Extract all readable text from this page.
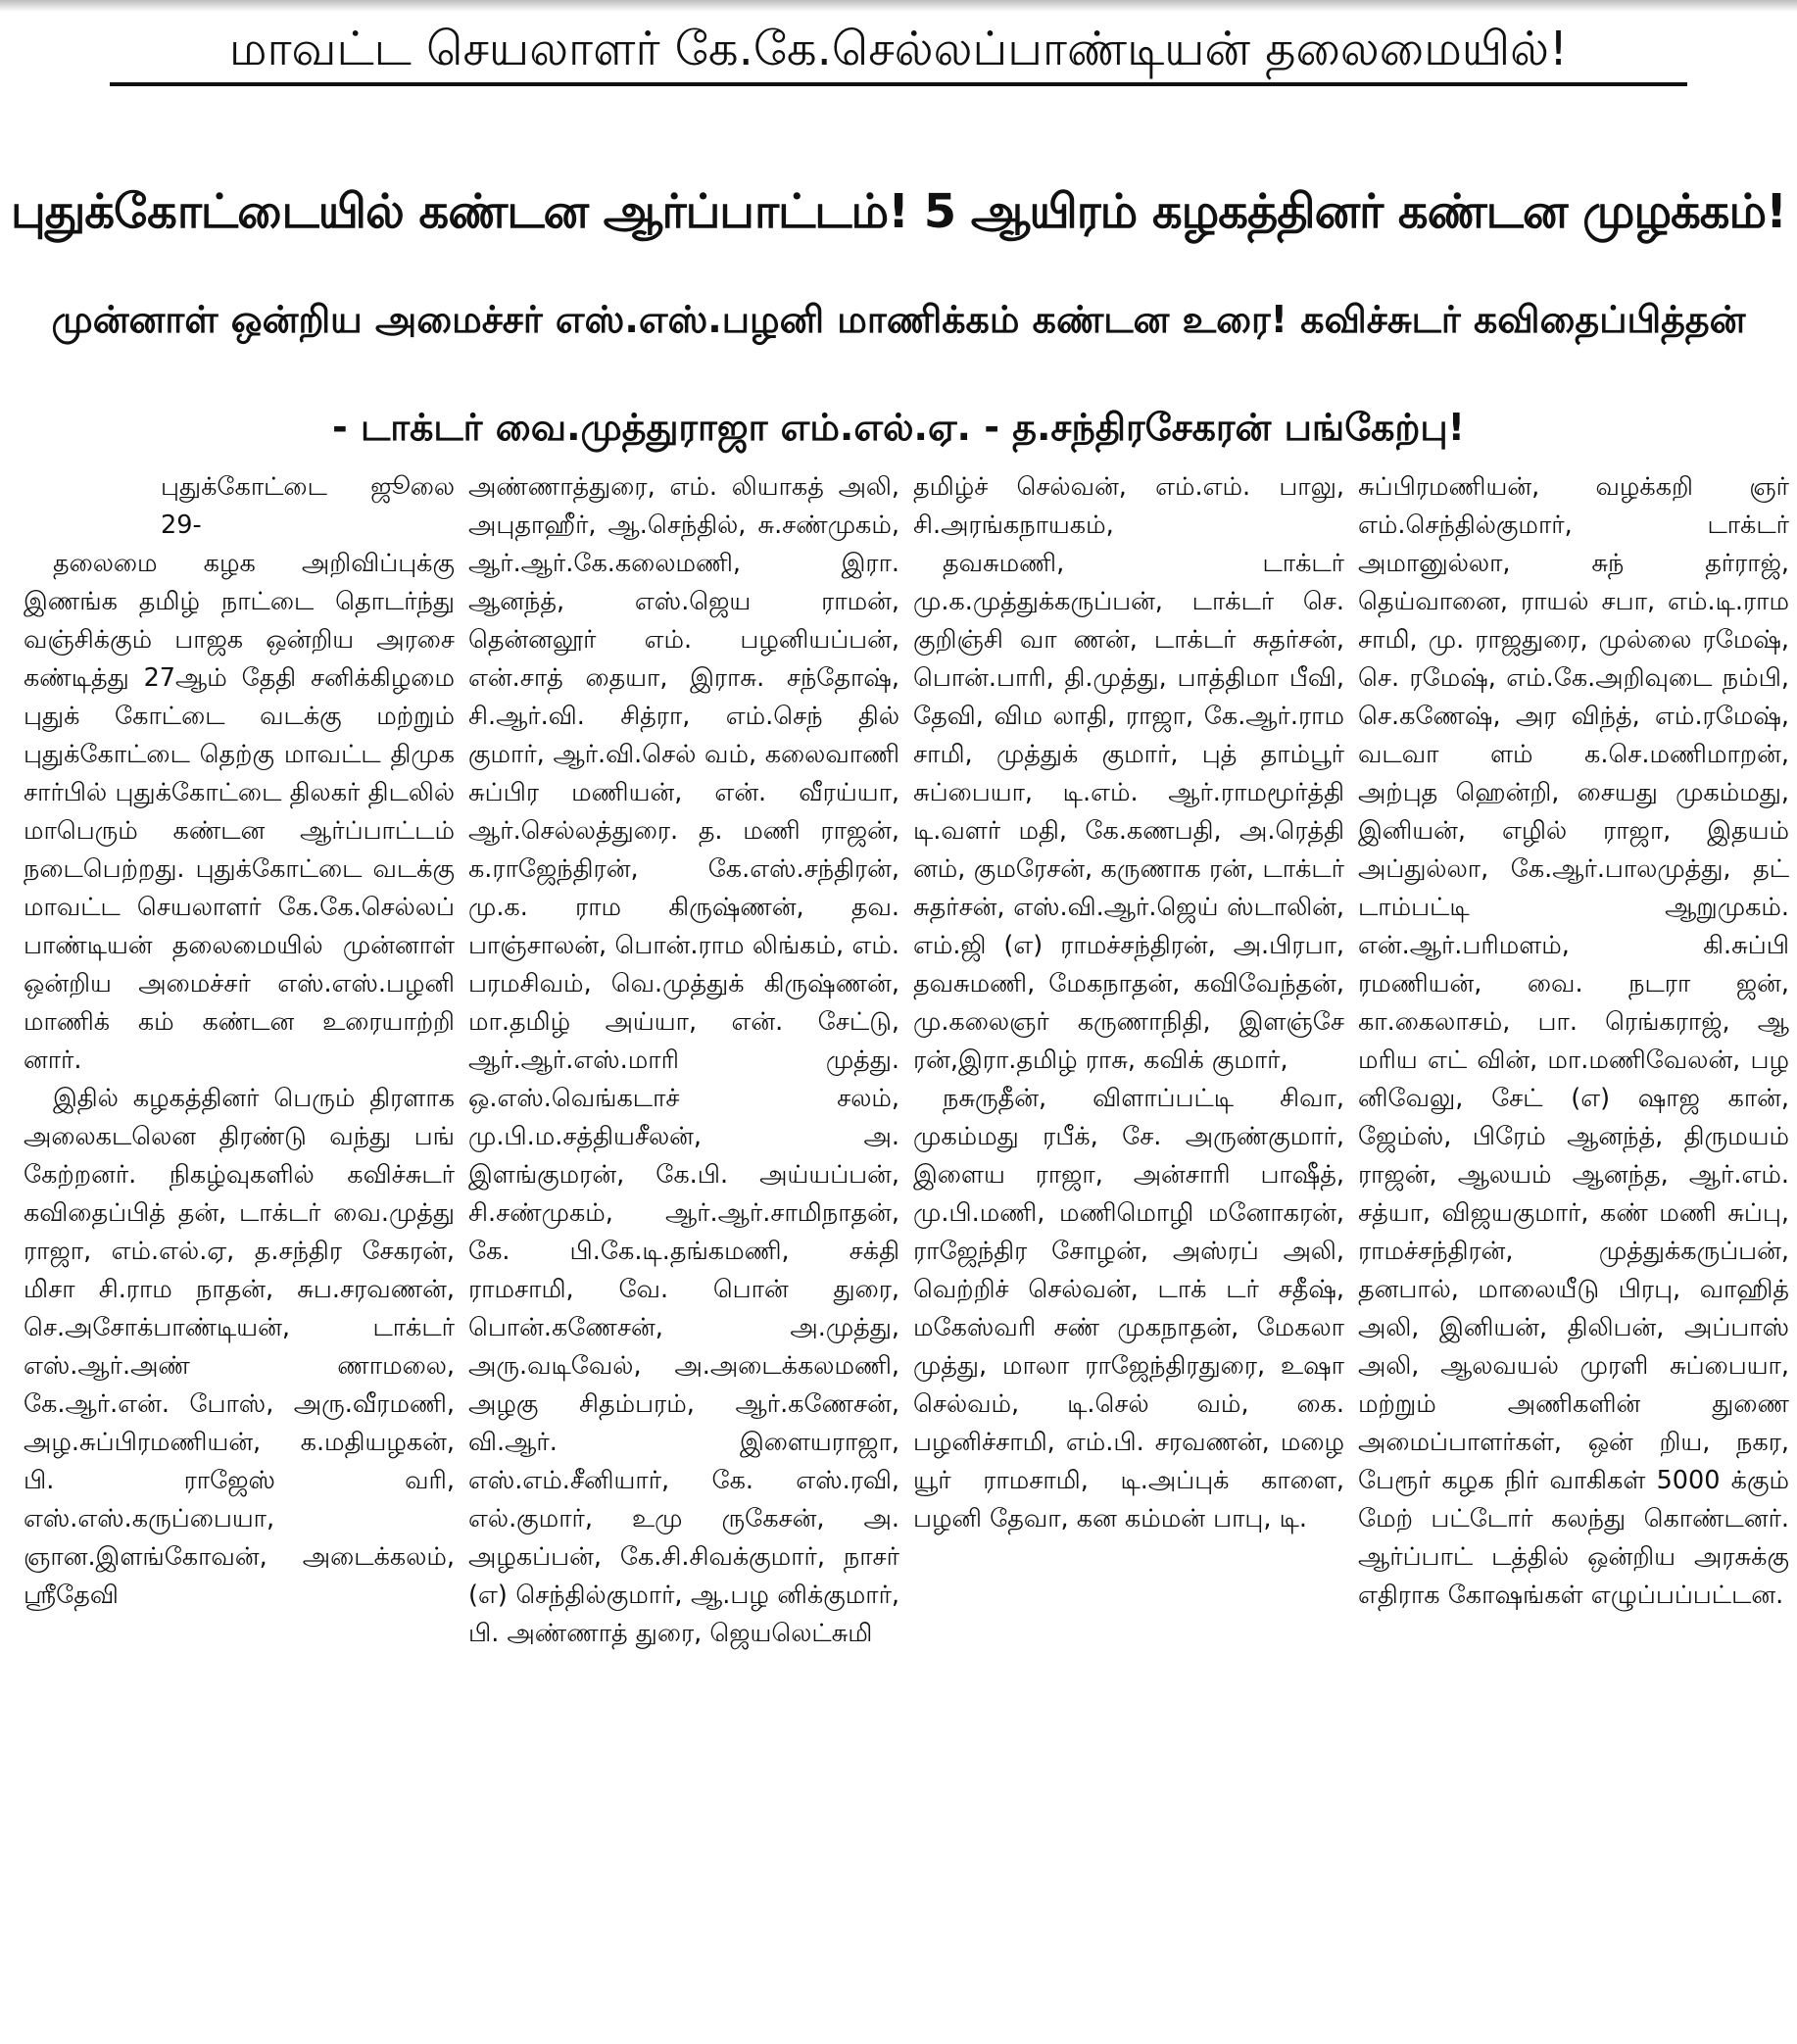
மாவட்ட செயலாளர் கே.கே.செல்லப்பாண்டியன் தலைமையில்!
புதுக்கோட்டையில் கண்டன ஆர்ப்பாட்டம்! 5 ஆயிரம் கழகத்தினர் கண்டன முழக்கம்!
முன்னாள் ஒன்றிய அமைச்சர் எஸ்.எஸ்.பழனி மாணிக்கம் கண்டன உரை! கவிச்சுடர் கவிதைப்பித்தன்
- டாக்டர் வை.முத்துராஜா எம்.எல்.ஏ. - த.சந்திரசேகரன் பங்கேற்பு!

புதுக்கோட்டை ஜூலை 29-

தலைமை கழக அறிவிப்புக்கு இணங்க தமிழ் நாட்டை தொடர்ந்து வஞ்சிக்கும் பாஜக ஒன்றிய அரசை கண்டித்து 27ஆம் தேதி சனிக்கிழமை புதுக் கோட்டை வடக்கு மற்றும் புதுக்கோட்டை தெற்கு மாவட்ட திமுக சார்பில் புதுக்கோட்டை திலகர் திடலில் மாபெரும் கண்டன ஆர்ப்பாட்டம் நடைபெற்றது. புதுக்கோட்டை வடக்கு மாவட்ட செயலாளர் கே.கே.செல்லப் பாண்டியன் தலைமையில் முன்னாள் ஒன்றிய அமைச்சர் எஸ்.எஸ்.பழனி மாணிக் கம் கண்டன உரையாற்றி னார்.

இதில் கழகத்தினர் பெரும் திரளாக அலைகடலென திரண்டு வந்து பங் கேற்றனர். நிகழ்வுகளில் கவிச்சுடர் கவிதைப்பித் தன், டாக்டர் வை.முத்து ராஜா, எம்.எல்.ஏ, த.சந்திர சேகரன், மிசா சி.ராம நாதன், சுப.சரவணன், செ.அசோக்பாண்டியன், டாக்டர் எஸ்.ஆர்.அண் ணாமலை, கே.ஆர்.என். போஸ், அரு.வீரமணி, அழ.சுப்பிரமணியன், க.மதியழகன், பி. ராஜேஸ் வரி, எஸ்.எஸ்.கருப்பையா, ஞான.இளங்கோவன், அடைக்கலம், ஸ்ரீதேவி

அண்ணாத்துரை, எம். லியாகத் அலி, அபுதாஹீர், ஆ.செந்தில், சு.சண்முகம், ஆர்.ஆர்.கே.கலைமணி, இரா. ஆனந்த், எஸ்.ஜெய ராமன், தென்னலூர் எம். பழனியப்பன், என்.சாத் தையா, இராசு. சந்தோஷ், சி.ஆர்.வி. சித்ரா, எம்.செந் தில் குமார், ஆர்.வி.செல் வம், கலைவாணி சுப்பிர மணியன், என். வீரய்யா, ஆர்.செல்லத்துரை. த. மணி ராஜன், க.ராஜேந்திரன், கே.எஸ்.சந்திரன், மு.க. ராம கிருஷ்ணன், தவ. பாஞ்சாலன், பொன்.ராம லிங்கம், எம். பரமசிவம், வெ.முத்துக் கிருஷ்ணன், மா.தமிழ் அய்யா, என். சேட்டு, ஆர்.ஆர்.எஸ்.மாரி முத்து. ஒ.எஸ்.வெங்கடாச் சலம், மு.பி.ம.சத்தியசீலன், அ. இளங்குமரன், கே.பி. அய்யப்பன், சி.சண்முகம், ஆர்.ஆர்.சாமிநாதன், கே. பி.கே.டி.தங்கமணி, சக்தி ராமசாமி, வே. பொன் துரை, பொன்.கணேசன், அ.முத்து, அரு.வடிவேல், அ.அடைக்கலமணி, அழகு சிதம்பரம், ஆர்.கணேசன், வி.ஆர். இளையராஜா, எஸ்.எம்.சீனியார், கே. எஸ்.ரவி, எல்.குமார், உமு ருகேசன், அ. அழகப்பன், கே.சி.சிவக்குமார், நாசர் (எ) செந்தில்குமார், ஆ.பழ னிக்குமார், பி. அண்ணாத் துரை, ஜெயலெட்சுமி

தமிழ்ச் செல்வன், எம்.எம். பாலு, சி.அரங்கநாயகம்,

தவசுமணி, டாக்டர் மு.க.முத்துக்கருப்பன், டாக்டர் செ. குறிஞ்சி வா ணன், டாக்டர் சுதர்சன், பொன்.பாரி, தி.முத்து, பாத்திமா பீவி, தேவி, விம லாதி, ராஜா, கே.ஆர்.ராம சாமி, முத்துக் குமார், புத் தாம்பூர் சுப்பையா, டி.எம். ஆர்.ராமமூர்த்தி டி.வளர் மதி, கே.கணபதி, அ.ரெத்தி னம், குமரேசன், கருணாக ரன், டாக்டர் சுதர்சன், எஸ்.வி.ஆர்.ஜெய் ஸ்டாலின், எம்.ஜி (எ) ராமச்சந்திரன், அ.பிரபா, தவசுமணி, மேகநாதன், கவிவேந்தன், மு.கலைஞர் கருணாநிதி, இளஞ்சே ரன்,இரா.தமிழ் ராசு, கவிக் குமார்,

நசுருதீன், விளாப்பட்டி சிவா, முகம்மது ரபீக், சே. அருண்குமார், இளைய ராஜா, அன்சாரி பாஷீத், மு.பி.மணி, மணிமொழி மனோகரன், ராஜேந்திர சோழன், அஸ்ரப் அலி, வெற்றிச் செல்வன், டாக் டர் சதீஷ், மகேஸ்வரி சண் முகநாதன், மேகலா முத்து, மாலா ராஜேந்திரதுரை, உஷா செல்வம், டி.செல் வம், கை. பழனிச்சாமி, எம்.பி. சரவணன், மழை யூர் ராமசாமி, டி.அப்புக் காளை, பழனி தேவா, கன கம்மன் பாபு, டி.

சுப்பிரமணியன், வழக்கறி ஞர் எம்.செந்தில்குமார், டாக்டர் அமானுல்லா, சுந் தர்ராஜ், தெய்வானை, ராயல் சபா, எம்.டி.ராம சாமி, மு. ராஜதுரை, முல்லை ரமேஷ், செ. ரமேஷ், எம்.கே.அறிவுடை நம்பி, செ.கணேஷ், அர விந்த், எம்.ரமேஷ், வடவா ளம் க.செ.மணிமாறன், அற்புத ஹென்றி, சையது முகம்மது, இனியன், எழில் ராஜா, இதயம் அப்துல்லா, கே.ஆர்.பாலமுத்து, தட் டாம்பட்டி ஆறுமுகம். என்.ஆர்.பரிமளம், கி.சுப்பி ரமணியன், வை. நடரா ஜன், கா.கைலாசம், பா. ரெங்கராஜ், ஆ மரிய எட் வின், மா.மணிவேலன், பழ னிவேலு, சேட் (எ) ஷாஜ கான், ஜேம்ஸ், பிரேம் ஆனந்த், திருமயம் ராஜன், ஆலயம் ஆனந்த, ஆர்.எம். சத்யா, விஜயகுமார், கண் மணி சுப்பு, ராமச்சந்திரன், முத்துக்கருப்பன், தனபால், மாலையீடு பிரபு, வாஹித் அலி, இனியன், திலிபன், அப்பாஸ் அலி, ஆலவயல் முரளி சுப்பையா, மற்றும் அணிகளின் துணை அமைப்பாளர்கள், ஒன் றிய, நகர, பேரூர் கழக நிர் வாகிகள் 5000 க்கும் மேற் பட்டோர் கலந்து கொண்டனர். ஆர்ப்பாட் டத்தில் ஒன்றிய அரசுக்கு எதிராக கோஷங்கள் எழுப்பப்பட்டன.
